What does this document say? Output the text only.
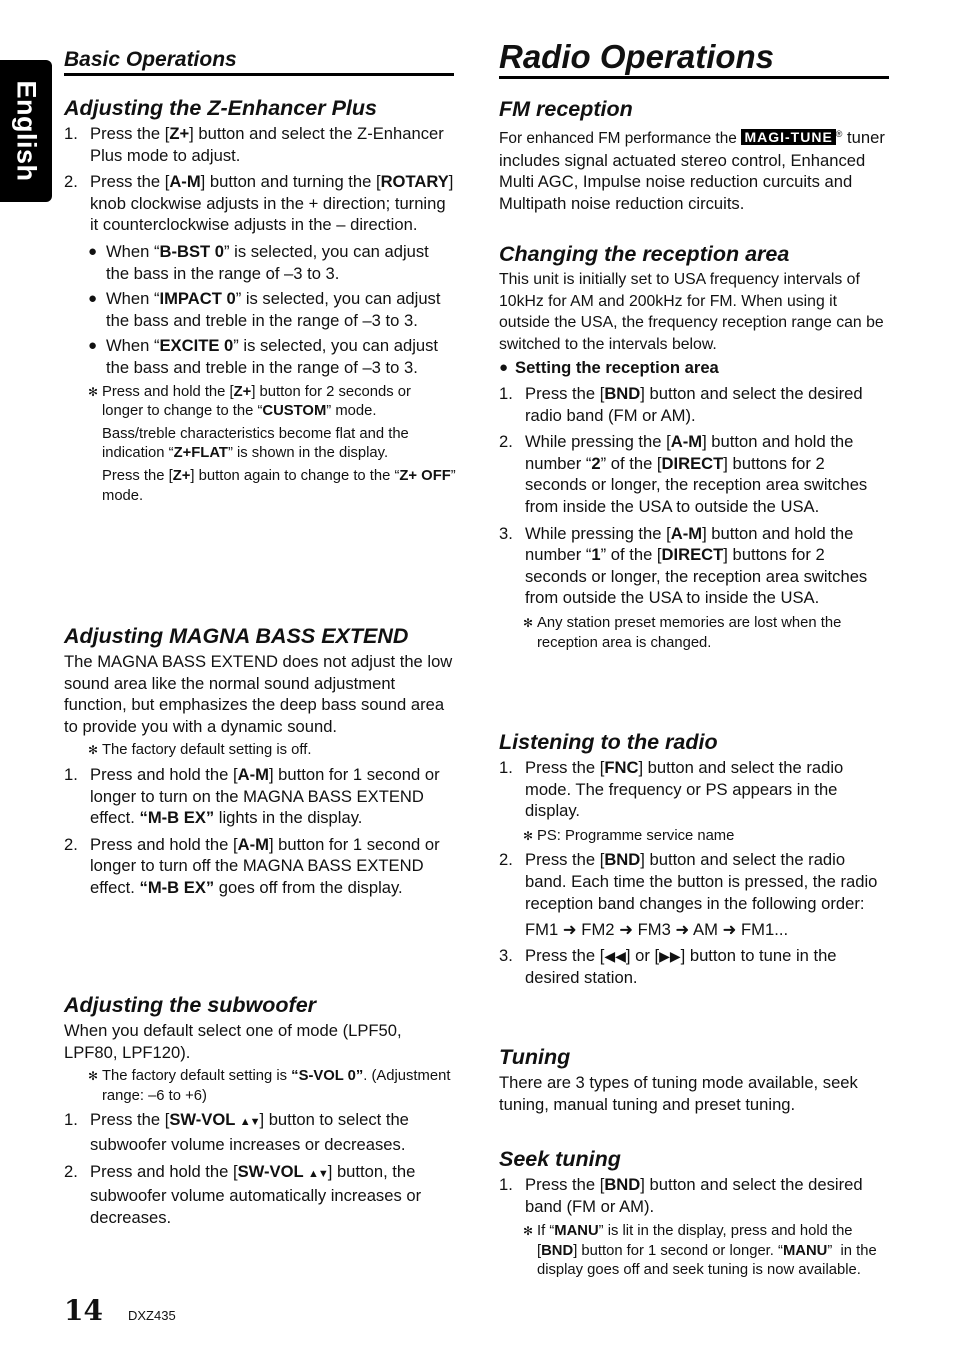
English
Basic Operations
Adjusting the Z-Enhancer Plus
1. Press the [Z+] button and select the Z-Enhancer Plus mode to adjust.
2. Press the [A-M] button and turning the [ROTARY] knob clockwise adjusts in the + direction; turning it counterclockwise adjusts in the – direction.
● When “B-BST 0” is selected, you can adjust the bass in the range of –3 to 3.
● When “IMPACT 0” is selected, you can adjust the bass and treble in the range of –3 to 3.
● When “EXCITE 0” is selected, you can adjust the bass and treble in the range of –3 to 3.
✻ Press and hold the [Z+] button for 2 seconds or longer to change to the “CUSTOM” mode.
Bass/treble characteristics become flat and the indication “Z+FLAT” is shown in the display.
Press the [Z+] button again to change to the “Z+ OFF” mode.
Adjusting MAGNA BASS EXTEND

The MAGNA BASS EXTEND does not adjust the low sound area like the normal sound adjustment function, but emphasizes the deep bass sound area to provide you with a dynamic sound.

✻ The factory default setting is off.
1. Press and hold the [A-M] button for 1 second or longer to turn on the MAGNA BASS EXTEND effect. “M-B EX” lights in the display.
2. Press and hold the [A-M] button for 1 second or longer to turn off the MAGNA BASS EXTEND effect. “M-B EX” goes off from the display.
Adjusting the subwoofer

When you default select one of mode (LPF50, LPF80, LPF120).

✻ The factory default setting is “S-VOL 0”. (Adjustment range: –6 to +6)
1. Press the [SW-VOL ▲▼] button to select the subwoofer volume increases or decreases.
2. Press and hold the [SW-VOL ▲▼] button, the subwoofer volume automatically increases or decreases.
Radio Operations
FM reception

For enhanced FM performance the MAGI-TUNE ® tuner includes signal actuated stereo control, Enhanced Multi AGC, Impulse noise reduction curcuits and Multipath noise reduction circuits.

Changing the reception area

This unit is initially set to USA frequency intervals of 10kHz for AM and 200kHz for FM. When using it outside the USA, the frequency reception range can be switched to the intervals below.

● Setting the reception area
1. Press the [BND] button and select the desired radio band (FM or AM).
2. While pressing the [A-M] button and hold the number “2” of the [DIRECT] buttons for 2 seconds or longer, the reception area switches from inside the USA to outside the USA.
3. While pressing the [A-M] button and hold the number “1” of the [DIRECT] buttons for 2 seconds or longer, the reception area switches from outside the USA to inside the USA.
✻ Any station preset memories are lost when the reception area is changed.
Listening to the radio
1. Press the [FNC] button and select the radio mode. The frequency or PS appears in the display.
✻ PS: Programme service name
2. Press the [BND] button and select the radio band. Each time the button is pressed, the radio reception band changes in the following order:

FM1 ➜ FM2 ➜ FM3 ➜ AM ➜ FM1...

3. Press the [◀◀] or [▶▶] button to tune in the desired station.
Tuning

There are 3 types of tuning mode available, seek tuning, manual tuning and preset tuning.

Seek tuning
1. Press the [BND] button and select the desired band (FM or AM).
✻ If “MANU” is lit in the display, press and hold the [BND] button for 1 second or longer. “MANU”  in the display goes off and seek tuning is now available.
14 DXZ435
